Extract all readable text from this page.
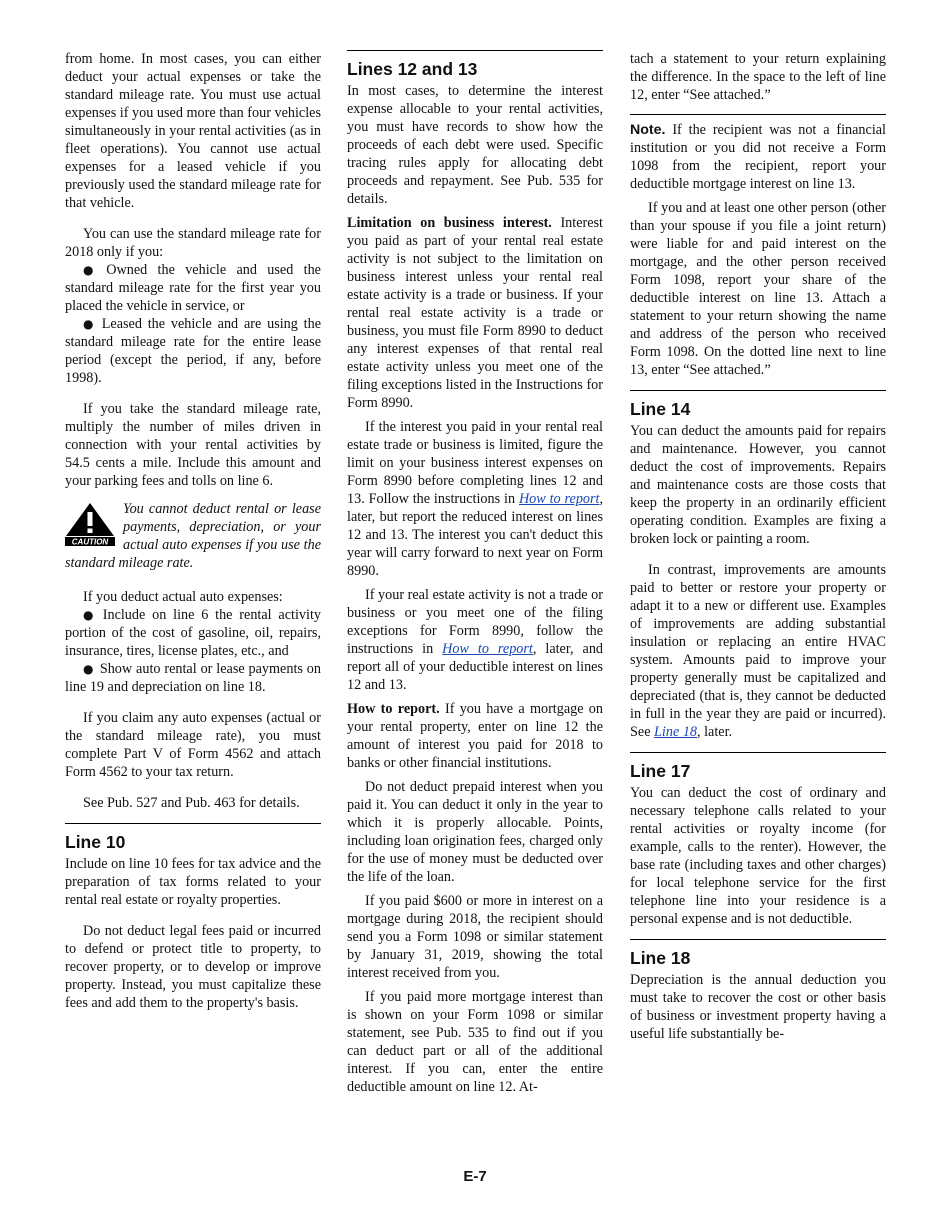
from home. In most cases, you can either deduct your actual expenses or take the standard mileage rate. You must use actual expenses if you used more than four vehicles simultaneously in your rental activities (as in fleet operations). You cannot use actual expenses for a leased vehicle if you previously used the standard mileage rate for that vehicle.

You can use the standard mileage rate for 2018 only if you:

● Owned the vehicle and used the standard mileage rate for the first year you placed the vehicle in service, or

● Leased the vehicle and are using the standard mileage rate for the entire lease period (except the period, if any, before 1998).

If you take the standard mileage rate, multiply the number of miles driven in connection with your rental activities by 54.5 cents a mile. Include this amount and your parking fees and tolls on line 6.

CAUTION
You cannot deduct rental or lease payments, depreciation, or your actual auto expenses if you use the standard mileage rate.

If you deduct actual auto expenses:

● Include on line 6 the rental activity portion of the cost of gasoline, oil, repairs, insurance, tires, license plates, etc., and

● Show auto rental or lease payments on line 19 and depreciation on line 18.

If you claim any auto expenses (actual or the standard mileage rate), you must complete Part V of Form 4562 and attach Form 4562 to your tax return.

See Pub. 527 and Pub. 463 for details.

Line 10

Include on line 10 fees for tax advice and the preparation of tax forms related to your rental real estate or royalty properties.

Do not deduct legal fees paid or incurred to defend or protect title to property, to recover property, or to develop or improve property. Instead, you must capitalize these fees and add them to the property's basis.

Lines 12 and 13

In most cases, to determine the interest expense allocable to your rental activities, you must have records to show how the proceeds of each debt were used. Specific tracing rules apply for allocating debt proceeds and repayment. See Pub. 535 for details.

Limitation on business interest. Interest you paid as part of your rental real estate activity is not subject to the limitation on business interest unless your rental real estate activity is a trade or business. If your rental real estate activity is a trade or business, you must file Form 8990 to deduct any interest expenses of that rental real estate activity unless you meet one of the filing exceptions listed in the Instructions for Form 8990.

If the interest you paid in your rental real estate trade or business is limited, figure the limit on your business interest expenses on Form 8990 before completing lines 12 and 13. Follow the instructions in How to report, later, but report the reduced interest on lines 12 and 13. The interest you can't deduct this year will carry forward to next year on Form 8990.

If your real estate activity is not a trade or business or you meet one of the filing exceptions for Form 8990, follow the instructions in How to report, later, and report all of your deductible interest on lines 12 and 13.

How to report. If you have a mortgage on your rental property, enter on line 12 the amount of interest you paid for 2018 to banks or other financial institutions.

Do not deduct prepaid interest when you paid it. You can deduct it only in the year to which it is properly allocable. Points, including loan origination fees, charged only for the use of money must be deducted over the life of the loan.

If you paid $600 or more in interest on a mortgage during 2018, the recipient should send you a Form 1098 or similar statement by January 31, 2019, showing the total interest received from you.

If you paid more mortgage interest than is shown on your Form 1098 or similar statement, see Pub. 535 to find out if you can deduct part or all of the additional interest. If you can, enter the entire deductible amount on line 12. At-

tach a statement to your return explaining the difference. In the space to the left of line 12, enter “See attached.”

Note. If the recipient was not a financial institution or you did not receive a Form 1098 from the recipient, report your deductible mortgage interest on line 13.

If you and at least one other person (other than your spouse if you file a joint return) were liable for and paid interest on the mortgage, and the other person received Form 1098, report your share of the deductible interest on line 13. Attach a statement to your return showing the name and address of the person who received Form 1098. On the dotted line next to line 13, enter “See attached.”

Line 14

You can deduct the amounts paid for repairs and maintenance. However, you cannot deduct the cost of improvements. Repairs and maintenance costs are those costs that keep the property in an ordinarily efficient operating condition. Examples are fixing a broken lock or painting a room.

In contrast, improvements are amounts paid to better or restore your property or adapt it to a new or different use. Examples of improvements are adding substantial insulation or replacing an entire HVAC system. Amounts paid to improve your property generally must be capitalized and depreciated (that is, they cannot be deducted in full in the year they are paid or incurred). See Line 18, later.

Line 17

You can deduct the cost of ordinary and necessary telephone calls related to your rental activities or royalty income (for example, calls to the renter). However, the base rate (including taxes and other charges) for local telephone service for the first telephone line into your residence is a personal expense and is not deductible.

Line 18

Depreciation is the annual deduction you must take to recover the cost or other basis of business or investment property having a useful life substantially be-

E-7
